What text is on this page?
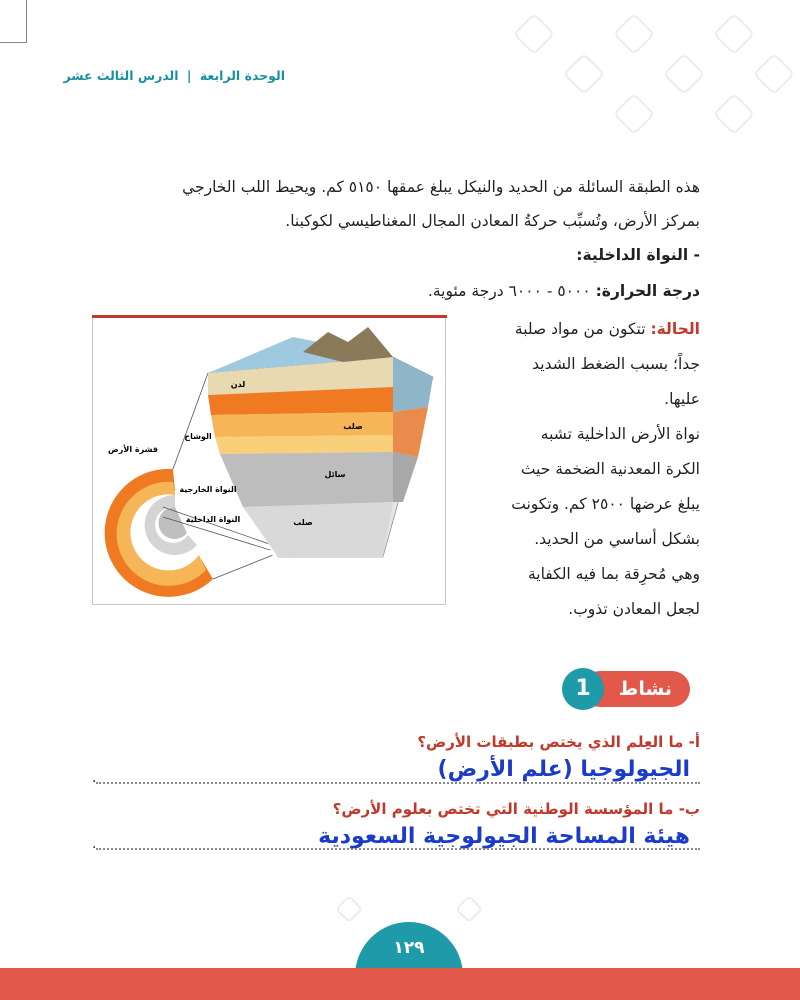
الوحدة الرابعة | الدرس الثالث عشر
هذه الطبقة السائلة من الحديد والنيكل يبلغ عمقها ٥١٥٠ كم. ويحيط اللب الخارجي
بمركز الأرض، وتُسبِّب حركةُ المعادن المجال المغناطيسي لكوكبنا.
- النواة الداخلية:
درجة الحرارة: ٥٠٠٠ - ٦٠٠٠ درجة مئوية.
الحالة: تتكون من مواد صلبة
جداً؛ بسبب الضغط الشديد
عليها.
نواة الأرض الداخلية تشبه
الكرة المعدنية الضخمة حيث
يبلغ عرضها ٢٥٠٠ كم. وتكونت
بشكل أساسي من الحديد.
وهي مُحرِقة بما فيه الكفاية
لجعل المعادن تذوب.
لدن
صلب
سائل
صلب
الوشاح
قشرة الأرض
النواة الخارجية
النواة الداخلية
نشاط
1
أ- ما العِلم الذي يختص بطبقات الأرض؟
الجيولوجيا (علم الأرض)
.
ب- ما المؤسسة الوطنية التي تختص بعلوم الأرض؟
هيئة المساحة الجيولوجية السعودية
.
١٢٩
